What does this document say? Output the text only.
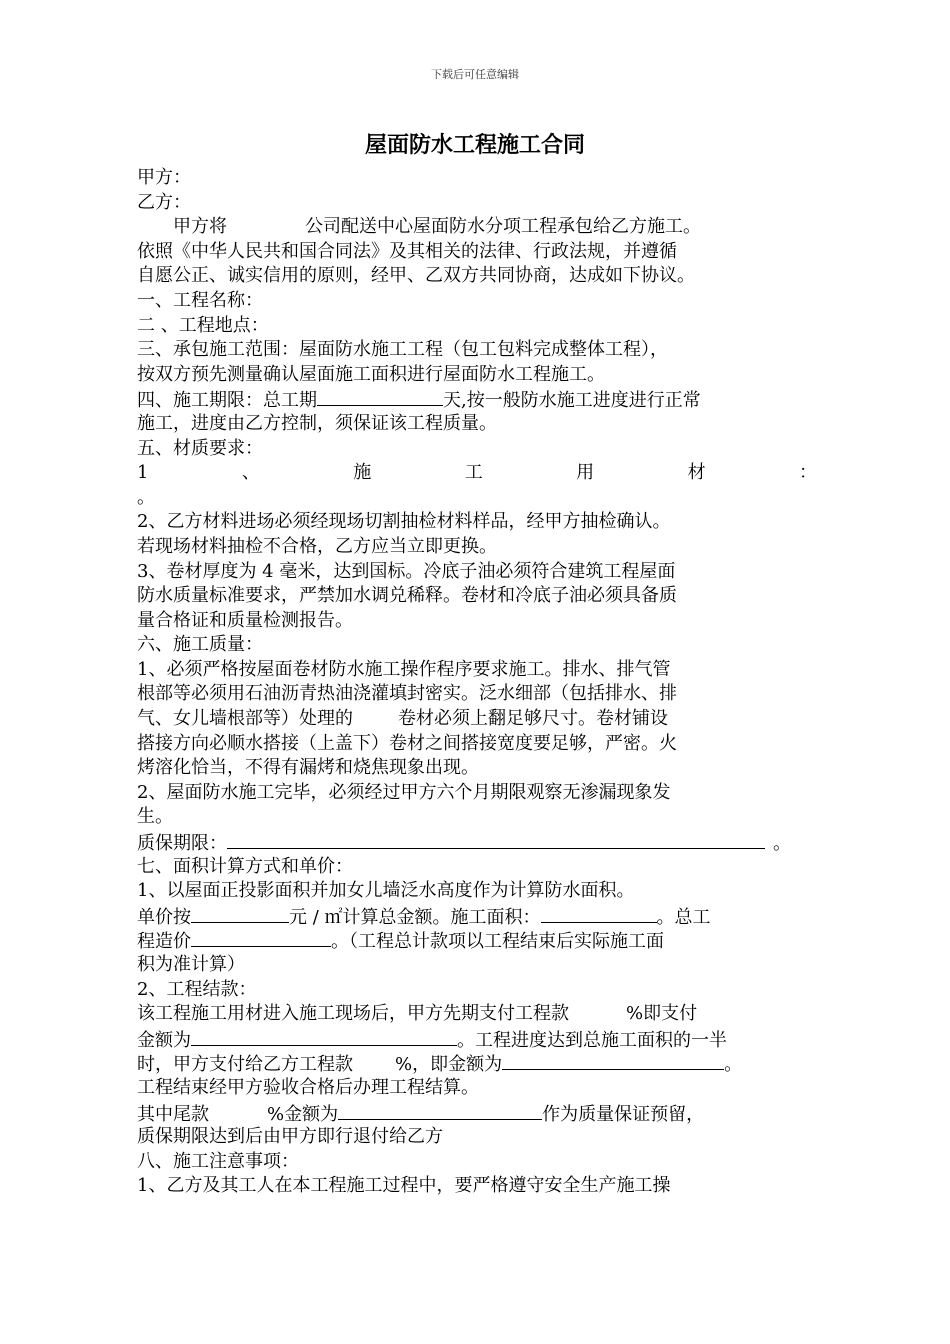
下载后可任意编辑
屋面防水工程施工合同
甲方：
乙方：
甲方将	公司配送中心屋面防水分项工程承包给乙方施工。
依照《中华人民共和国合同法》及其相关的法律、行政法规，并遵循
自愿公正、诚实信用的原则，经甲、乙双方共同协商，达成如下协议。
一、工程名称：
二 、工程地点：
三、承包施工范围：屋面防水施工工程（包工包料完成整体工程），
按双方预先测量确认屋面施工面积进行屋面防水工程施工。
四、施工期限：总工期	天,按一般防水施工进度进行正常
施工，进度由乙方控制，须保证该工程质量。
五、材质要求：
1	、	施	工	用	材	：
。
2、乙方材料进场必须经现场切割抽检材料样品，经甲方抽检确认。
若现场材料抽检不合格，乙方应当立即更换。
3、卷材厚度为 4 毫米，达到国标。冷底子油必须符合建筑工程屋面
防水质量标准要求，严禁加水调兑稀释。卷材和冷底子油必须具备质
量合格证和质量检测报告。
六、施工质量：
1、必须严格按屋面卷材防水施工操作程序要求施工。排水、排气管
根部等必须用石油沥青热油浇灌填封密实。泛水细部（包括排水、排
气、女儿墙根部等）处理的	卷材必须上翻足够尺寸。卷材铺设
搭接方向必顺水搭接（上盖下）卷材之间搭接宽度要足够，严密。火
烤溶化恰当，不得有漏烤和烧焦现象出现。
2、屋面防水施工完毕，必须经过甲方六个月期限观察无渗漏现象发
生。
质保期限：	。
七、面积计算方式和单价：
1、以屋面正投影面积并加女儿墙泛水高度作为计算防水面积。
单价按	元 / ㎡计算总金额。施工面积：	。总工
程造价	。（工程总计款项以工程结束后实际施工面
积为准计算）
2、工程结款：
该工程施工用材进入施工现场后，甲方先期支付工程款	%即支付
金额为	。工程进度达到总施工面积的一半
时，甲方支付给乙方工程款 %，即金额为	。
工程结束经甲方验收合格后办理工程结算。
其中尾款	%金额为	作为质量保证预留，
质保期限达到后由甲方即行退付给乙方
八、施工注意事项：
1、乙方及其工人在本工程施工过程中，要严格遵守安全生产施工操
